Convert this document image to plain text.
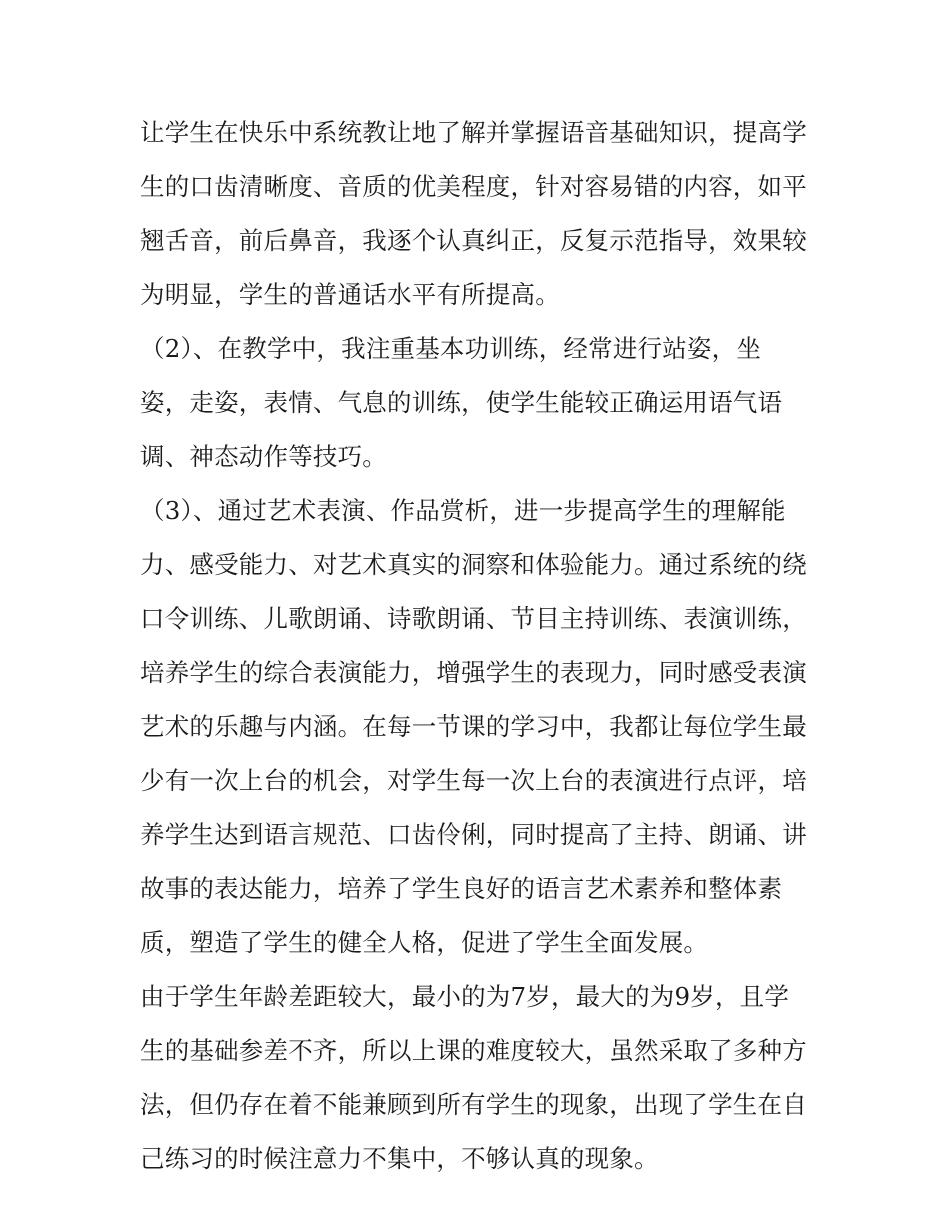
让学生在快乐中系统教让地了解并掌握语音基础知识，提高学
生的口齿清晰度、音质的优美程度，针对容易错的内容，如平
翘舌音，前后鼻音，我逐个认真纠正，反复示范指导，效果较
为明显，学生的普通话水平有所提高。
（2）、在教学中，我注重基本功训练，经常进行站姿，坐
姿，走姿，表情、气息的训练，使学生能较正确运用语气语
调、神态动作等技巧。
（3）、通过艺术表演、作品赏析，进一步提高学生的理解能
力、感受能力、对艺术真实的洞察和体验能力。通过系统的绕
口令训练、儿歌朗诵、诗歌朗诵、节目主持训练、表演训练，
培养学生的综合表演能力，增强学生的表现力，同时感受表演
艺术的乐趣与内涵。在每一节课的学习中，我都让每位学生最
少有一次上台的机会，对学生每一次上台的表演进行点评，培
养学生达到语言规范、口齿伶俐，同时提高了主持、朗诵、讲
故事的表达能力，培养了学生良好的语言艺术素养和整体素
质，塑造了学生的健全人格，促进了学生全面发展。
由于学生年龄差距较大，最小的为7岁，最大的为9岁，且学
生的基础参差不齐，所以上课的难度较大，虽然采取了多种方
法，但仍存在着不能兼顾到所有学生的现象，出现了学生在自
己练习的时候注意力不集中，不够认真的现象。
